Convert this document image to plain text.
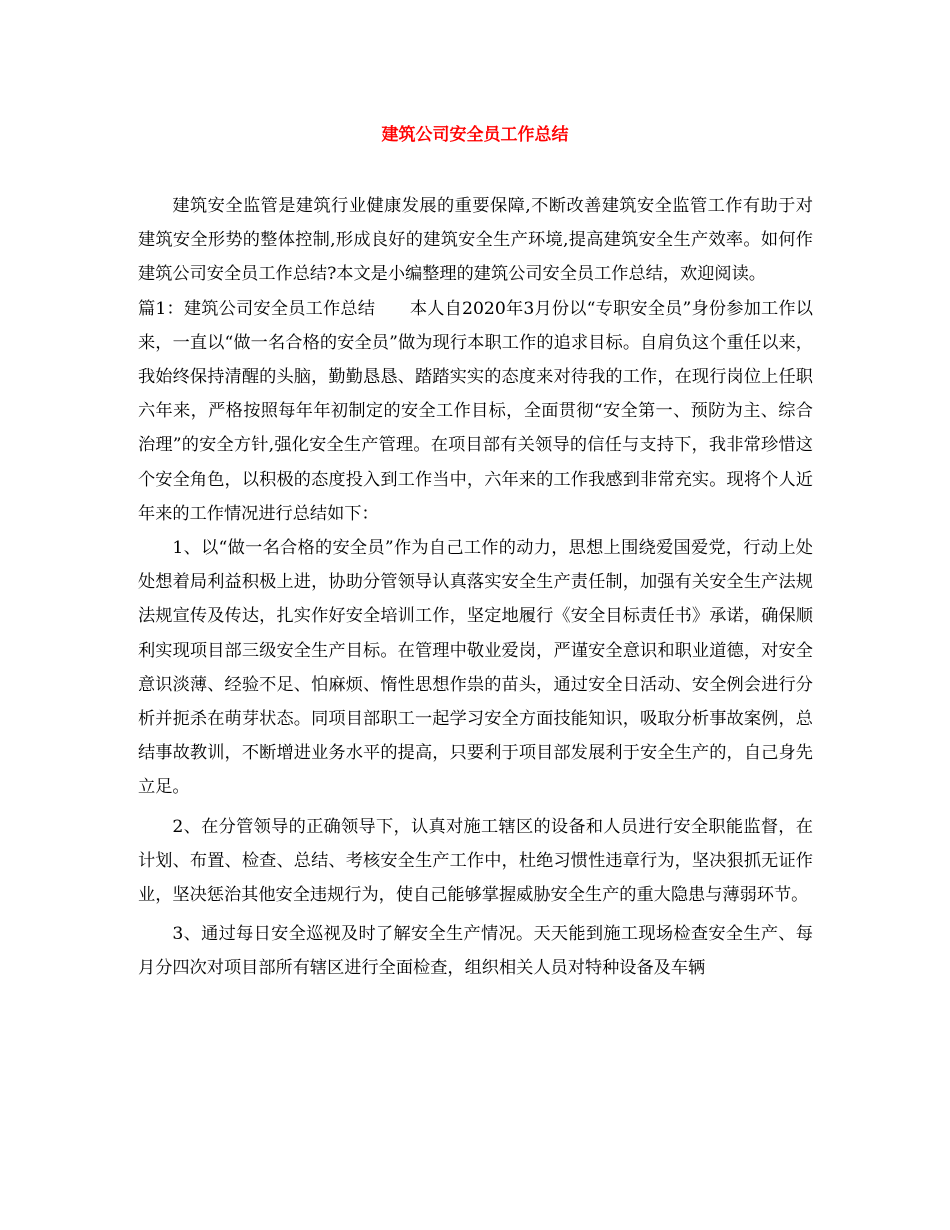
建筑公司安全员工作总结

建筑安全监管是建筑行业健康发展的重要保障,不断改善建筑安全监管工作有助于对建筑安全形势的整体控制,形成良好的建筑安全生产环境,提高建筑安全生产效率。如何作建筑公司安全员工作总结?本文是小编整理的建筑公司安全员工作总结，欢迎阅读。

篇1：建筑公司安全员工作总结　　本人自2020年3月份以“专职安全员”身份参加工作以来，一直以“做一名合格的安全员”做为现行本职工作的追求目标。自肩负这个重任以来，我始终保持清醒的头脑，勤勤恳恳、踏踏实实的态度来对待我的工作，在现行岗位上任职六年来，严格按照每年年初制定的安全工作目标，全面贯彻“安全第一、预防为主、综合治理”的安全方针,强化安全生产管理。在项目部有关领导的信任与支持下，我非常珍惜这个安全角色，以积极的态度投入到工作当中，六年来的工作我感到非常充实。现将个人近年来的工作情况进行总结如下：

1、以“做一名合格的安全员”作为自己工作的动力，思想上围绕爱国爱党，行动上处处想着局利益积极上进，协助分管领导认真落实安全生产责任制，加强有关安全生产法规法规宣传及传达，扎实作好安全培训工作，坚定地履行《安全目标责任书》承诺，确保顺利实现项目部三级安全生产目标。在管理中敬业爱岗，严谨安全意识和职业道德，对安全意识淡薄、经验不足、怕麻烦、惰性思想作祟的苗头，通过安全日活动、安全例会进行分析并扼杀在萌芽状态。同项目部职工一起学习安全方面技能知识，吸取分析事故案例，总结事故教训，不断增进业务水平的提高，只要利于项目部发展利于安全生产的，自己身先立足。

2、在分管领导的正确领导下，认真对施工辖区的设备和人员进行安全职能监督，在计划、布置、检查、总结、考核安全生产工作中，杜绝习惯性违章行为，坚决狠抓无证作业，坚决惩治其他安全违规行为，使自己能够掌握威胁安全生产的重大隐患与薄弱环节。

3、通过每日安全巡视及时了解安全生产情况。天天能到施工现场检查安全生产、每月分四次对项目部所有辖区进行全面检查，组织相关人员对特种设备及车辆
